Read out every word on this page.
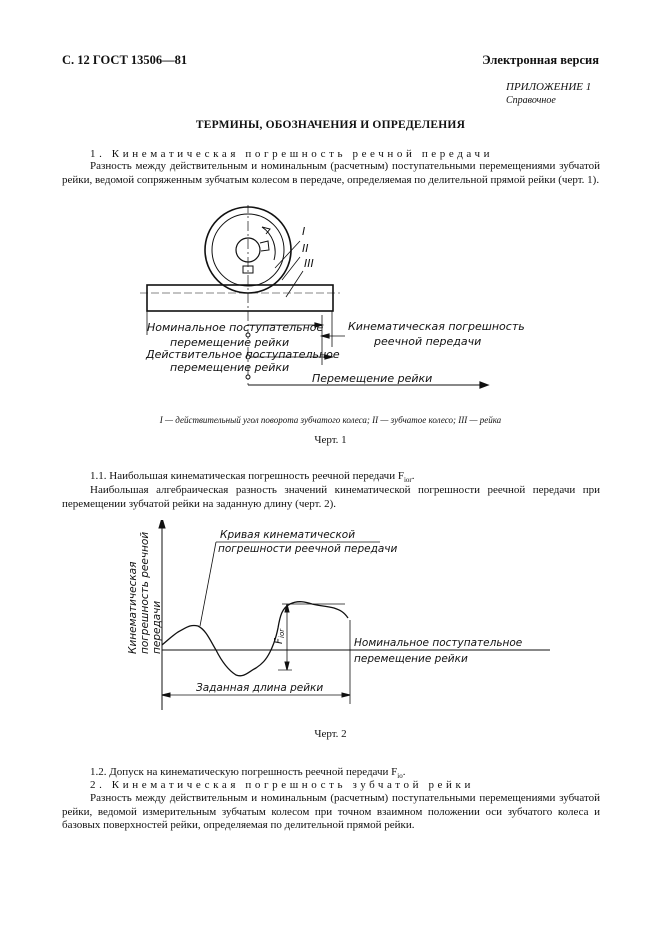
С. 12 ГОСТ 13506—81	Электронная версия
ПРИЛОЖЕНИЕ 1
Справочное
ТЕРМИНЫ, ОБОЗНАЧЕНИЯ И ОПРЕДЕЛЕНИЯ
1. Кинематическая погрешность реечной передачи
Разность между действительным и номинальным (расчетным) поступательными перемещениями зубчатой рейки, ведомой сопряженным зубчатым колесом в передаче, определяемая по делительной прямой рейки (черт. 1).
I
II
III
Номинальное поступательное
перемещение рейки
Действительное поступательное
перемещение рейки
Кинематическая погрешность
реечной передачи
Перемещение рейки
I — действительный угол поворота зубчатого колеса; II — зубчатое колесо; III — рейка
Черт. 1
1.1. Наибольшая кинематическая погрешность реечной передачи $F_{ior}$.
Наибольшая алгебраическая разность значений кинематической погрешности реечной передачи при перемещении зубчатой рейки на заданную длину (черт. 2).
Кривая кинематической
погрешности реечной передачи
Кинематическая погрешность реечной передачи	Fior
Номинальное поступательное
перемещение рейки
Заданная длина рейки
Черт. 2
1.2. Допуск на кинематическую погрешность реечной передачи $F_{io}$.
2. Кинематическая погрешность зубчатой рейки
Разность между действительным и номинальным (расчетным) поступательными перемещениями зубчатой рейки, ведомой измерительным зубчатым колесом при точном взаимном положении оси зубчатого колеса и базовых поверхностей рейки, определяемая по делительной прямой рейки.
